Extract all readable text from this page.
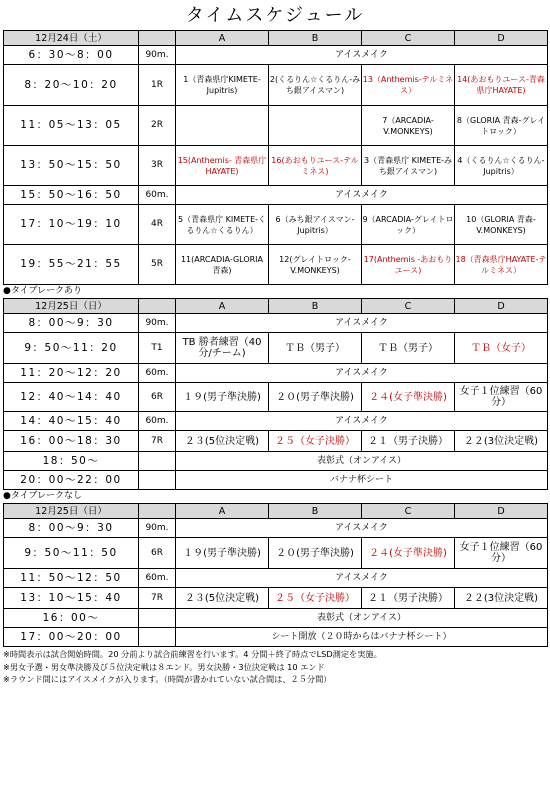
タイムスケジュール
12月24日（土）		A	B	C	D
6：30～8：00	90m.	アイスメイク			
8：20～10：20	1R	1（青森県庁KIMETE-Jupitris)	2(くるりん☆くるりん-みち銀アイスマン)	13（Anthemis-テルミネス）	14(あおもりユース-青森県庁HAYATE)
11：05～13：05	2R			7（ARCADIA-V.MONKEYS)	8（GLORIA 青森-グレイトロック）
13：50～15：50	3R	15(Anthemis- 青森県庁HAYATE)	16(あおもりユース-テルミネス)	3（青森県庁 KIMETE-みち銀アイスマン)	4（くるりん☆くるりん-Jupitris）
15：50～16：50	60m.	アイスメイク			
17：10～19：10	4R	5（青森県庁 KIMETE-くるりん☆くるりん）	6（みち銀アイスマン-Jupitris）	9（ARCADIA-グレイトロック）	10（GLORIA 青森-V.MONKEYS)
19：55～21：55	5R	11(ARCADIA-GLORIA 青森)	12(グレイトロック-V.MONKEYS)	17(Anthemis -あおもりユース)	18（青森県庁HAYATE-テルミネス）
●タイブレークあり
12月25日（日）		A	B	C	D
8：00～9：30	90m.	アイスメイク			
9：50～11：20	T1	TB 勝者練習（40 分/チーム)	ＴＢ（男子）	ＴＢ（男子）	ＴＢ（女子）
11：20～12：20	60m.	アイスメイク			
12：40～14：40	6R	１９(男子準決勝)	２０(男子準決勝)	２４(女子準決勝)	女子１位練習（60 分）
14：40～15：40	60m.	アイスメイク			
16：00～18：30	7R	２３(5位決定戦)	２５（女子決勝）	２１（男子決勝）	２２(3位決定戦)
18：50～		表彰式（オンアイス）			
20：00～22：00		バナナ杯シート			
●タイブレークなし
12月25日（日）		A	B	C	D
8：00～9：30	90m.	アイスメイク			
9：50～11：50	6R	１９(男子準決勝)	２０(男子準決勝)	２４(女子準決勝)	女子１位練習（60 分）
11：50～12：50	60m.	アイスメイク			
13：10～15：40	7R	２３(5位決定戦)	２５（女子決勝）	２１（男子決勝）	２２(3位決定戦)
16：00～		表彰式（オンアイス）			
17：00～20：00		シート開放（２０時からはバナナ杯シート）			
※時間表示は試合開始時間。20 分前より試合前練習を行います。4 分間＋終了時点でLSD測定を実施。
※男女予選・男女準決勝及び５位決定戦は８エンド。男女決勝・3位決定戦は 10 エンド
※ラウンド間にはアイスメイクが入ります。（時間が書かれていない試合間は、２５分間）
